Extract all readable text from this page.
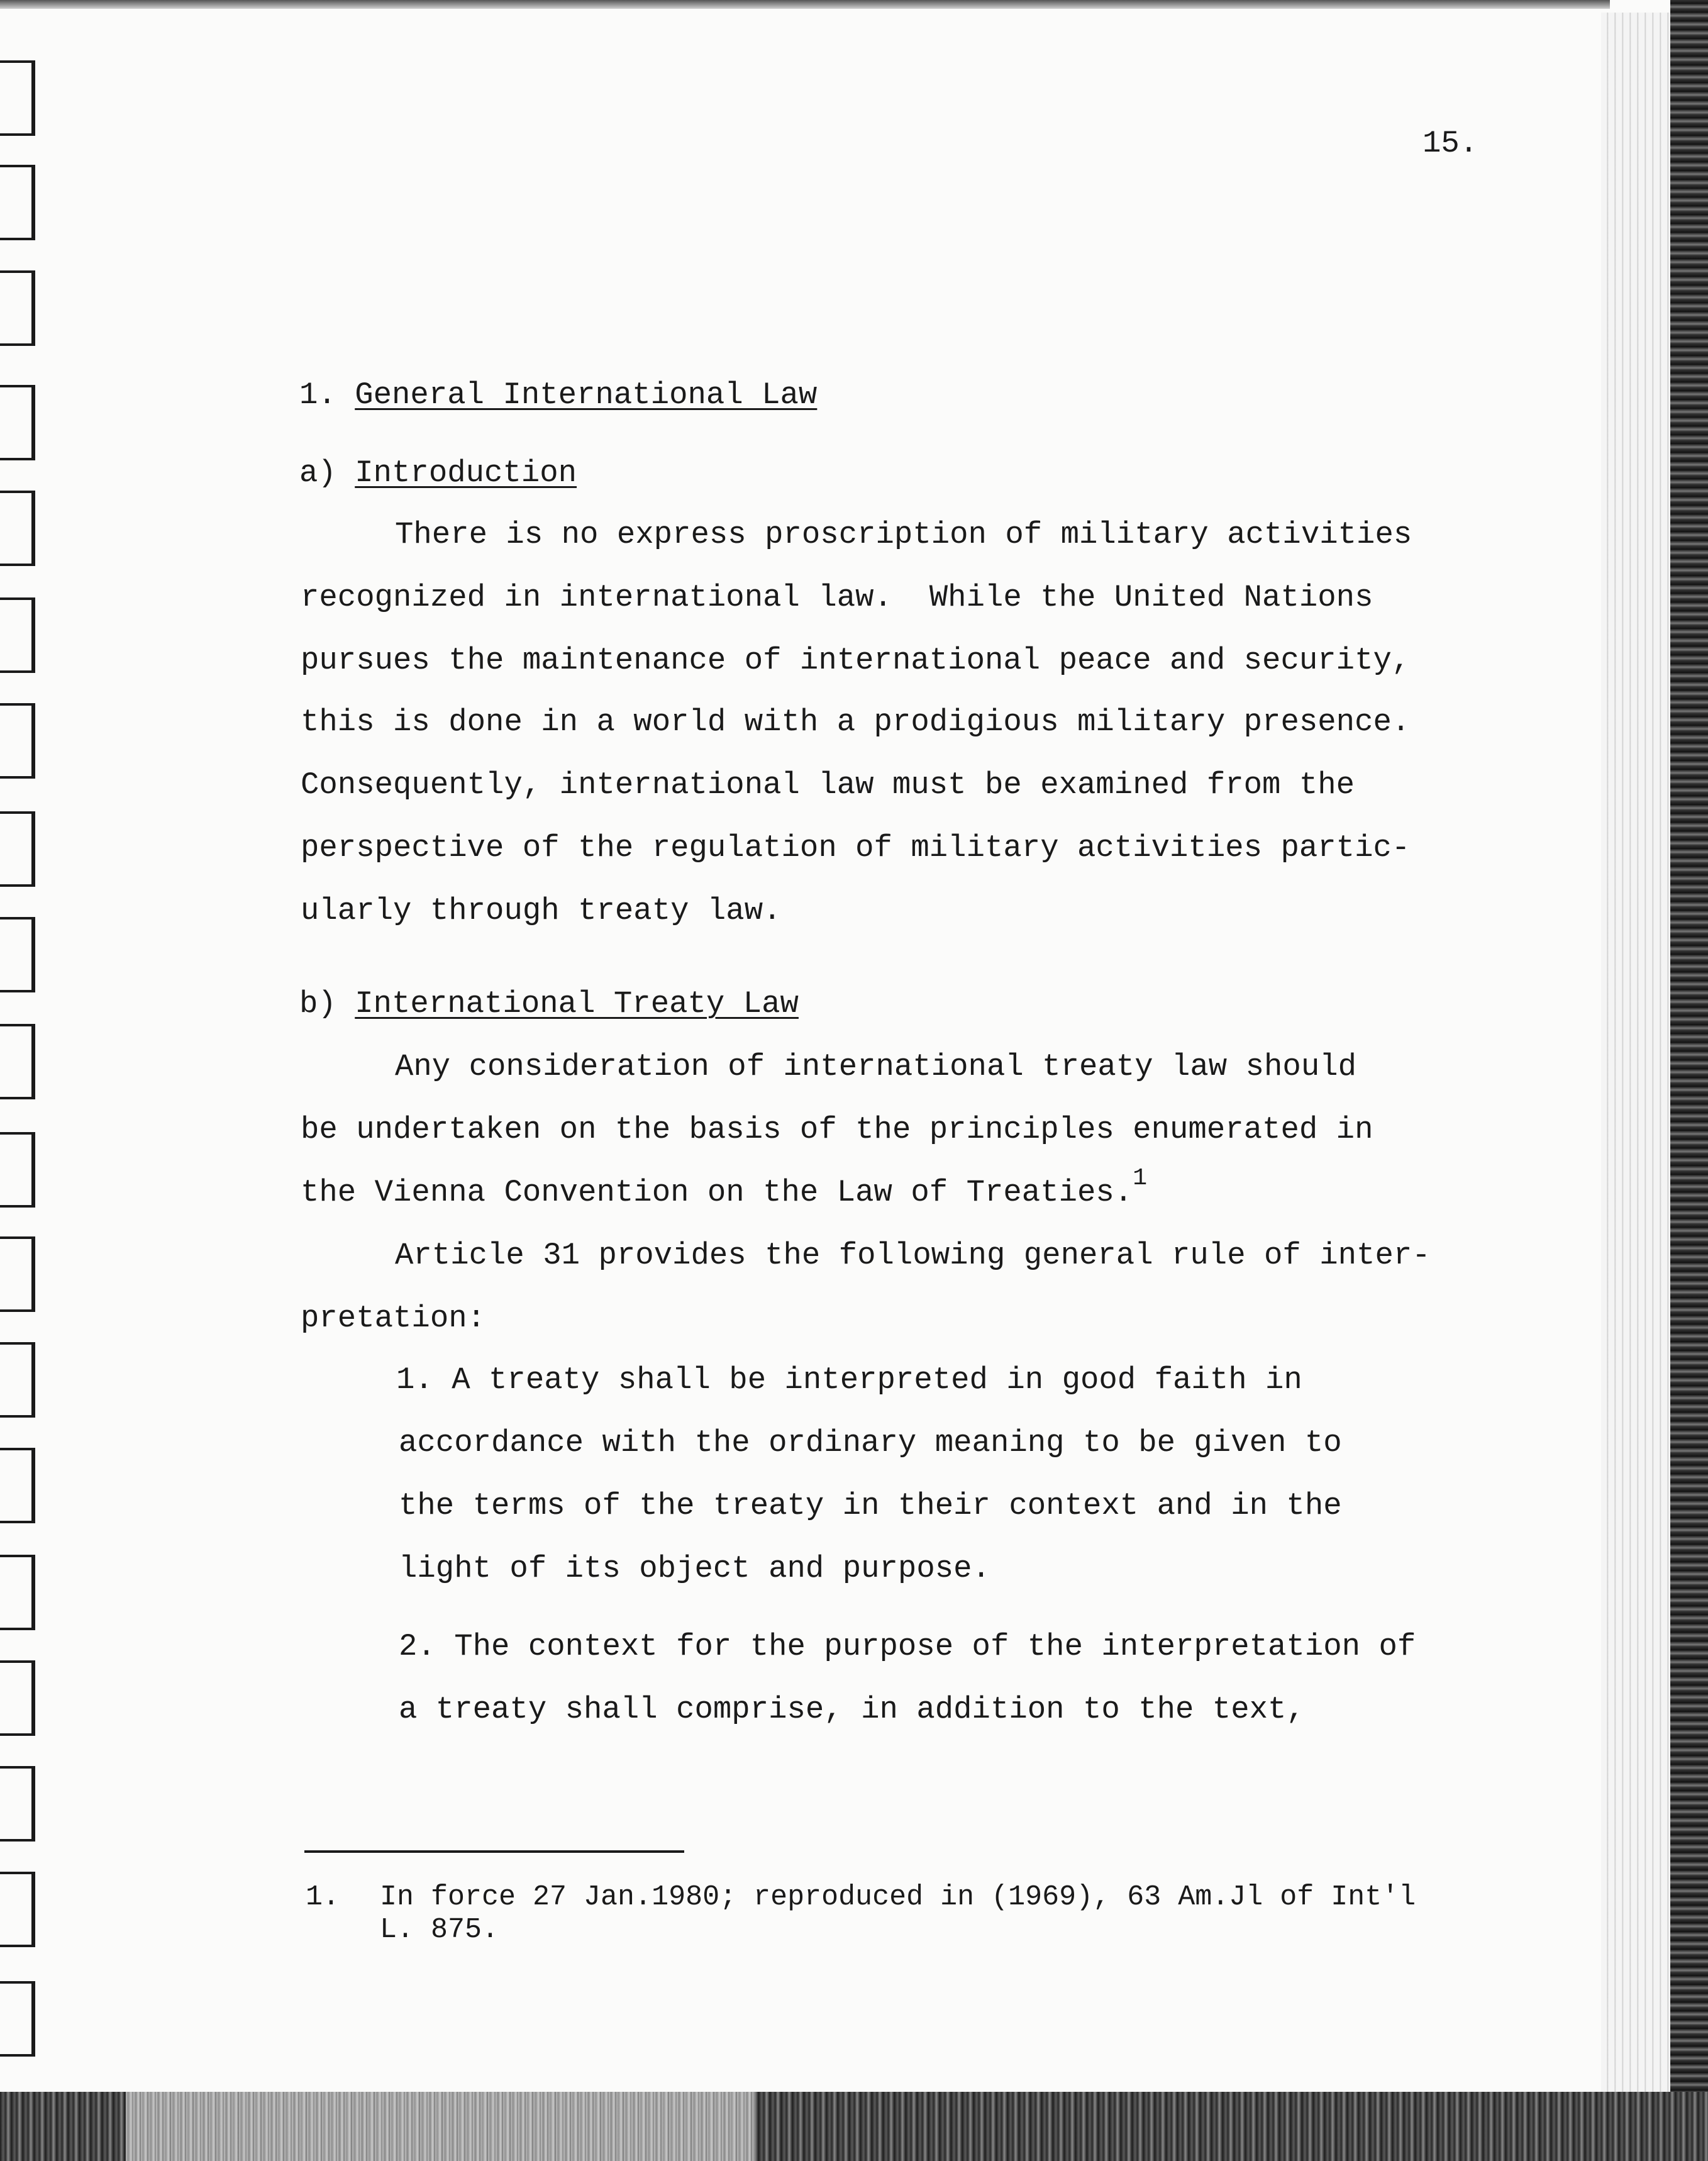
15.
1. General International Law
a) Introduction
There is no express proscription of military activities
recognized in international law.  While the United Nations
pursues the maintenance of international peace and security,
this is done in a world with a prodigious military presence.
Consequently, international law must be examined from the
perspective of the regulation of military activities partic-
ularly through treaty law.
b) International Treaty Law
Any consideration of international treaty law should
be undertaken on the basis of the principles enumerated in
the Vienna Convention on the Law of Treaties.$^1$
Article 31 provides the following general rule of inter-
pretation:
1. A treaty shall be interpreted in good faith in
accordance with the ordinary meaning to be given to
the terms of the treaty in their context and in the
light of its object and purpose.
2. The context for the purpose of the interpretation of
a treaty shall comprise, in addition to the text,
1. In force 27 Jan.1980; reproduced in (1969), 63 Am.Jl of Int'l
L. 875.
